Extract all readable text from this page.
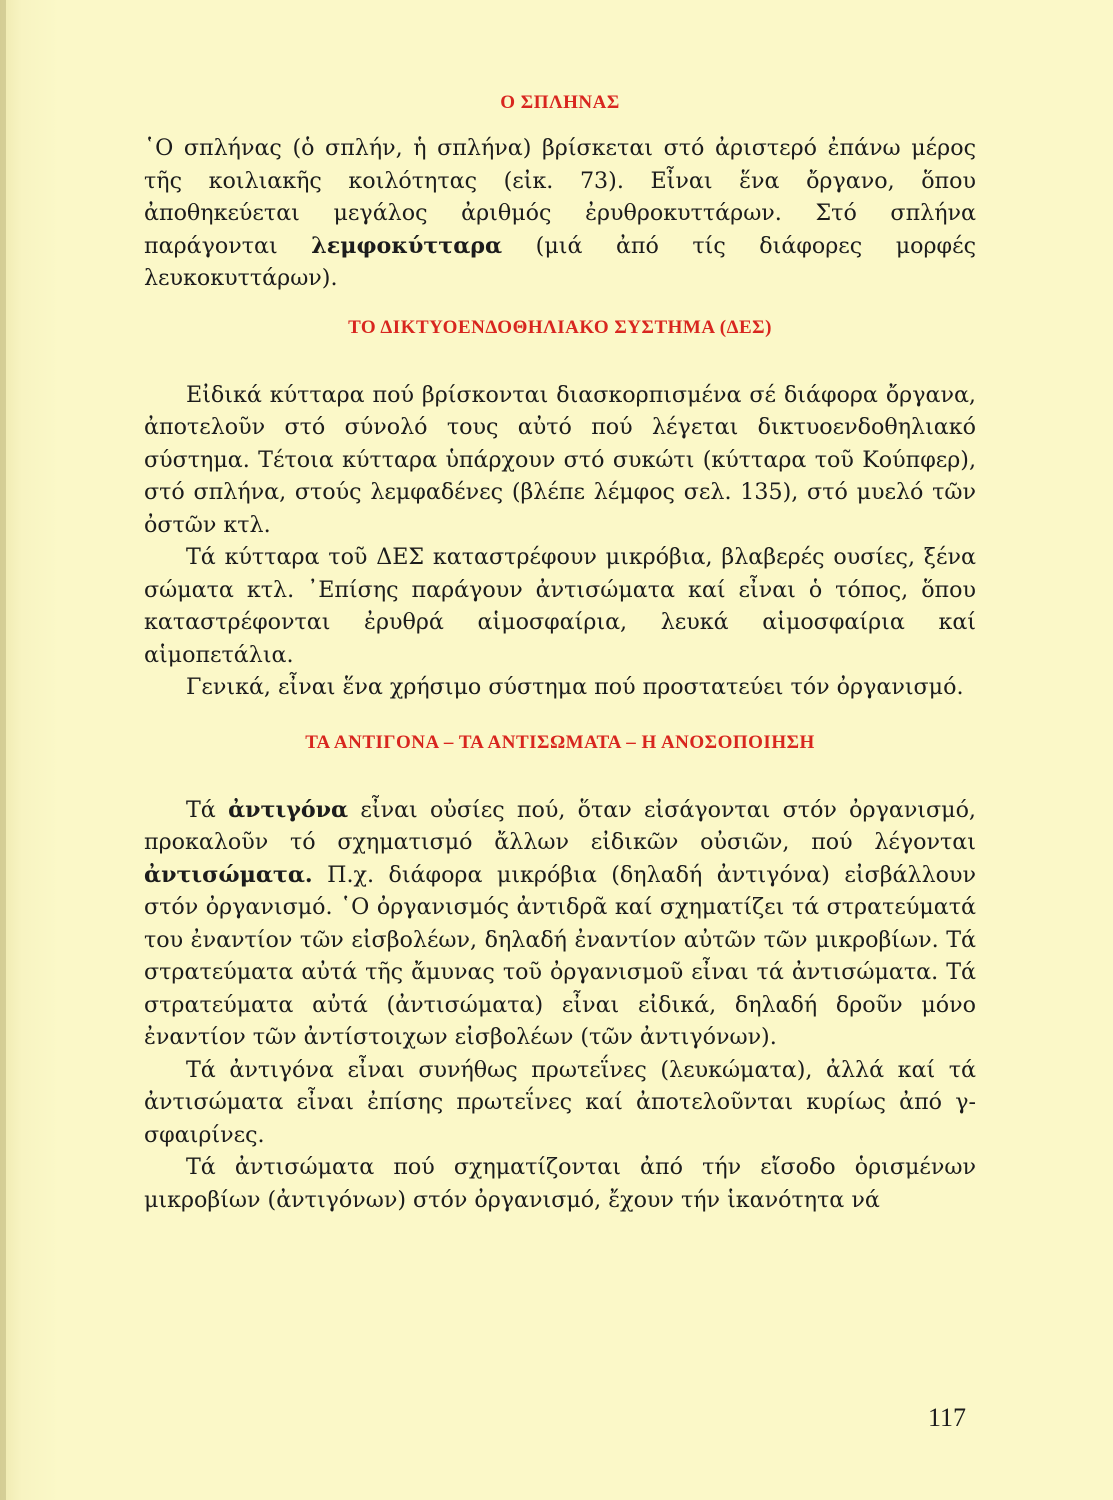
Ο ΣΠΛΗΝΑΣ

῾Ο σπλήνας (ὁ σπλήν, ἡ σπλήνα) βρίσκεται στό ἀριστερό ἐπάνω μέρος τῆς κοιλιακῆς κοιλότητας (εἰκ. 73). Εἶναι ἕνα ὄργανο, ὅπου ἀποθηκεύεται μεγάλος ἀριθμός ἐρυθροκυττάρων. Στό σπλήνα παράγονται λεμφοκύτταρα (μιά ἀπό τίς διάφορες μορφές λευκοκυττάρων).

ΤΟ ΔΙΚΤΥΟΕΝΔΟΘΗΛΙΑΚΟ ΣΥΣΤΗΜΑ (ΔΕΣ)

Εἰδικά κύτταρα πού βρίσκονται διασκορπισμένα σέ διάφορα ὄργανα, ἀποτελοῦν στό σύνολό τους αὐτό πού λέγεται δικτυοενδοθηλιακό σύστημα. Τέτοια κύτταρα ὑπάρχουν στό συκώτι (κύτταρα τοῦ Κούπφερ), στό σπλήνα, στούς λεμφαδένες (βλέπε λέμφος σελ. 135), στό μυελό τῶν ὀστῶν κτλ.

Τά κύτταρα τοῦ ΔΕΣ καταστρέφουν μικρόβια, βλαβερές ουσίες, ξένα σώματα κτλ. ᾽Επίσης παράγουν ἀντισώματα καί εἶναι ὁ τόπος, ὅπου καταστρέφονται ἐρυθρά αἱμοσφαίρια, λευκά αἱμοσφαίρια καί αἱμοπετάλια.

Γενικά, εἶναι ἕνα χρήσιμο σύστημα πού προστατεύει τόν ὀργανισμό.

ΤΑ ΑΝΤΙΓΟΝΑ – ΤΑ ΑΝΤΙΣΩΜΑΤΑ – Η ΑΝΟΣΟΠΟΙΗΣΗ

Τά ἀντιγόνα εἶναι οὐσίες πού, ὅταν εἰσάγονται στόν ὀργανισμό, προκαλοῦν τό σχηματισμό ἄλλων εἰδικῶν οὐσιῶν, πού λέγονται ἀντισώματα. Π.χ. διάφορα μικρόβια (δηλαδή ἀντιγόνα) εἰσβάλλουν στόν ὀργανισμό. ῾Ο ὀργανισμός ἀντιδρᾶ καί σχηματίζει τά στρατεύματά του ἐναντίον τῶν εἰσβολέων, δηλαδή ἐναντίον αὐτῶν τῶν μικροβίων. Τά στρατεύματα αὐτά τῆς ἄμυνας τοῦ ὀργανισμοῦ εἶναι τά ἀντισώματα. Τά στρατεύματα αὐτά (ἀντισώματα) εἶναι εἰδικά, δηλαδή δροῦν μόνο ἐναντίον τῶν ἀντίστοιχων εἰσβολέων (τῶν ἀντιγόνων).

Τά ἀντιγόνα εἶναι συνήθως πρωτεΐνες (λευκώματα), ἀλλά καί τά ἀντισώματα εἶναι ἐπίσης πρωτεΐνες καί ἀποτελοῦνται κυρίως ἀπό γ-σφαιρίνες.

Τά ἀντισώματα πού σχηματίζονται ἀπό τήν εἴσοδο ὁρισμένων μικροβίων (ἀντιγόνων) στόν ὀργανισμό, ἔχουν τήν ἱκανότητα νά

117
